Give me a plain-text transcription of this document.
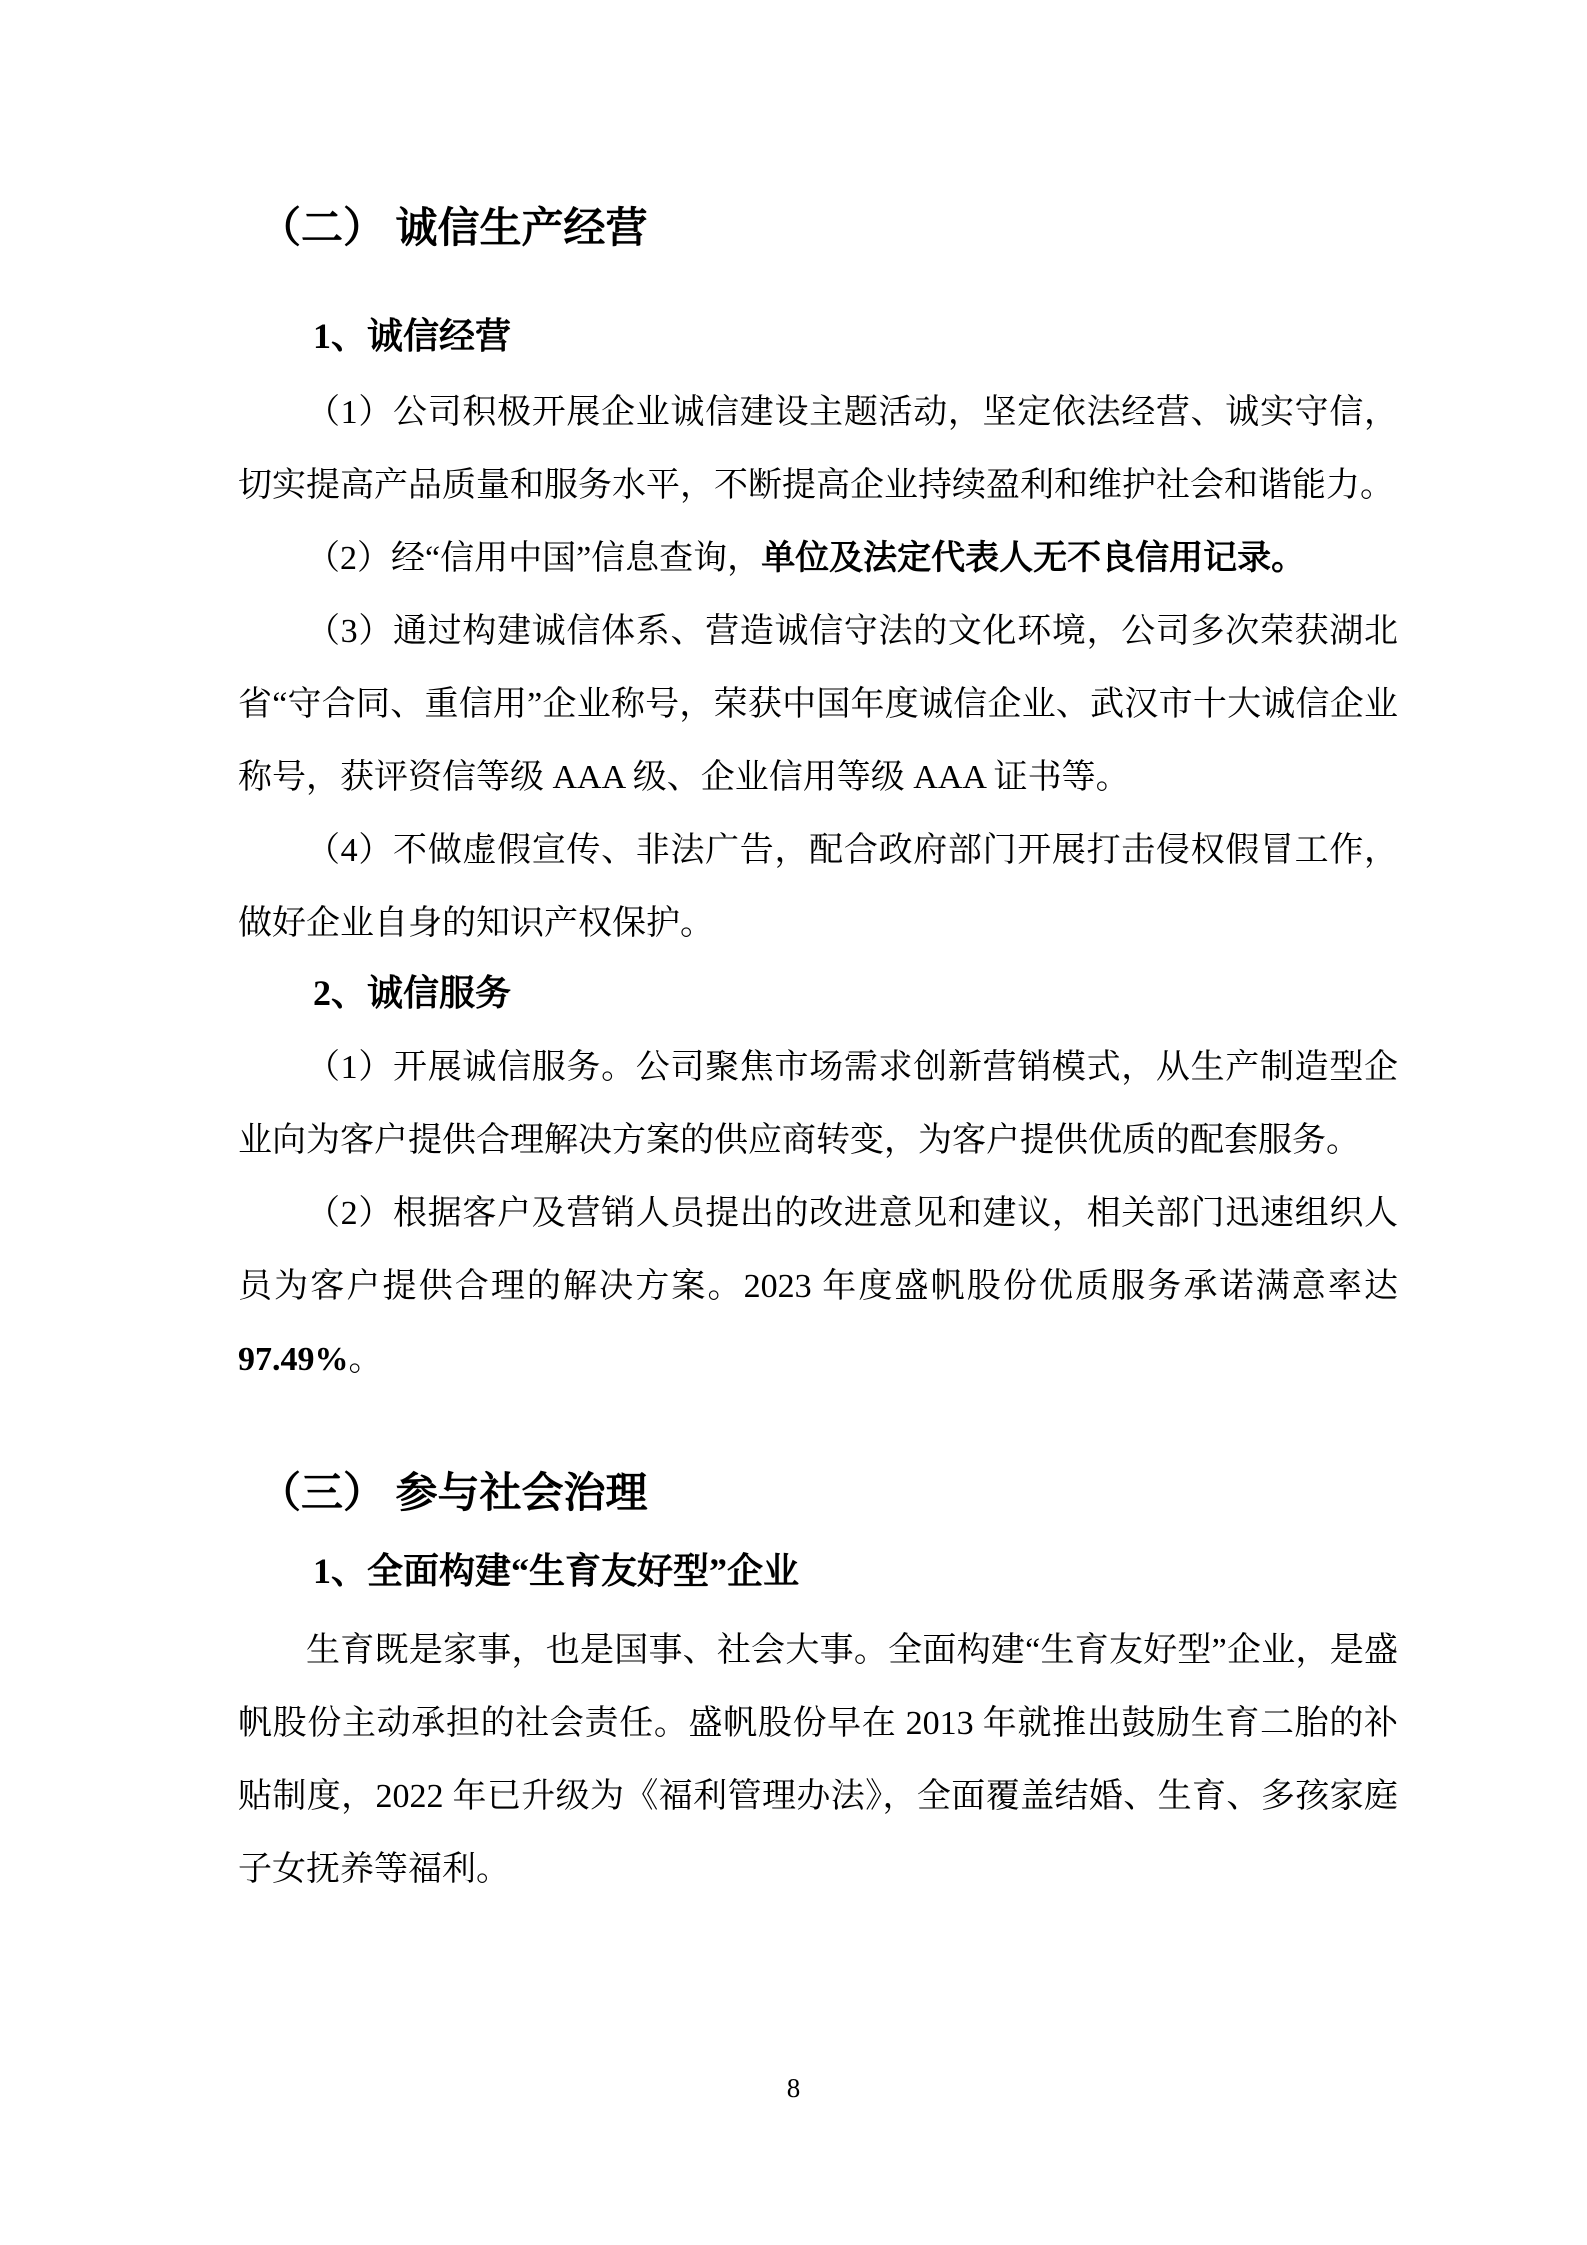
（二） 诚信生产经营
1、诚信经营

（1）公司积极开展企业诚信建设主题活动，坚定依法经营、诚实守信，切实提高产品质量和服务水平，不断提高企业持续盈利和维护社会和谐能力。

（2）经“信用中国”信息查询，单位及法定代表人无不良信用记录。

（3）通过构建诚信体系、营造诚信守法的文化环境，公司多次荣获湖北省“守合同、重信用”企业称号，荣获中国年度诚信企业、武汉市十大诚信企业称号，获评资信等级 AAA 级、企业信用等级 AAA 证书等。

（4）不做虚假宣传、非法广告，配合政府部门开展打击侵权假冒工作，做好企业自身的知识产权保护。

2、诚信服务

（1）开展诚信服务。公司聚焦市场需求创新营销模式，从生产制造型企业向为客户提供合理解决方案的供应商转变，为客户提供优质的配套服务。

（2）根据客户及营销人员提出的改进意见和建议，相关部门迅速组织人员为客户提供合理的解决方案。2023 年度盛帆股份优质服务承诺满意率达97.49%。

（三） 参与社会治理
1、全面构建“生育友好型”企业

生育既是家事，也是国事、社会大事。全面构建“生育友好型”企业，是盛帆股份主动承担的社会责任。盛帆股份早在 2013 年就推出鼓励生育二胎的补贴制度，2022 年已升级为《福利管理办法》，全面覆盖结婚、生育、多孩家庭子女抚养等福利。

8
